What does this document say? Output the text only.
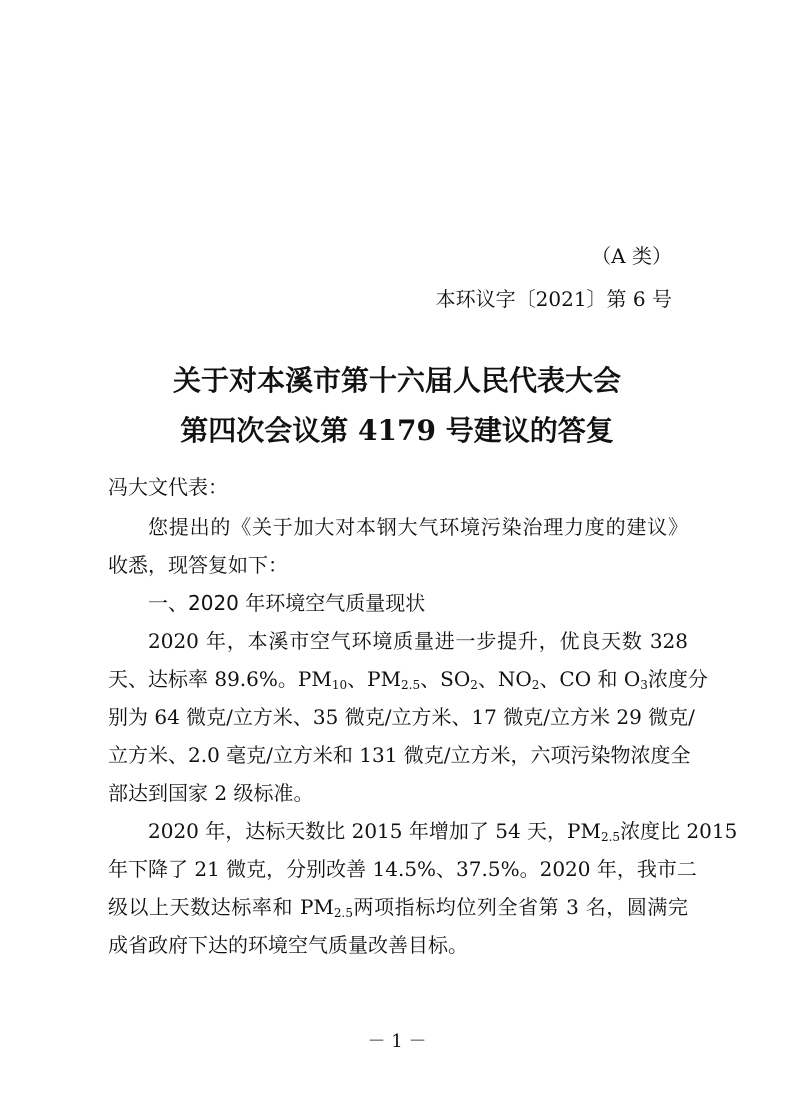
（A 类）
本环议字〔2021〕第 6 号
关于对本溪市第十六届人民代表大会
第四次会议第 4179 号建议的答复
冯大文代表：
您提出的《关于加大对本钢大气环境污染治理力度的建议》
收悉，现答复如下：
一、2020 年环境空气质量现状
2020 年，本溪市空气环境质量进一步提升，优良天数 328
天、达标率 89.6%。$PM_{10}$、$PM_{2.5}$、$SO_2$、$NO_2$、CO 和 $O_3$浓度分
别为 64 微克/立方米、35 微克/立方米、17 微克/立方米 29 微克/
立方米、2.0 毫克/立方米和 131 微克/立方米，六项污染物浓度全
部达到国家 2 级标准。
2020 年，达标天数比 2015 年增加了 54 天，$PM_{2.5}$浓度比 2015
年下降了 21 微克，分别改善 14.5%、37.5%。2020 年，我市二
级以上天数达标率和 $PM_{2.5}$两项指标均位列全省第 3 名，圆满完
成省政府下达的环境空气质量改善目标。
－ 1 －
